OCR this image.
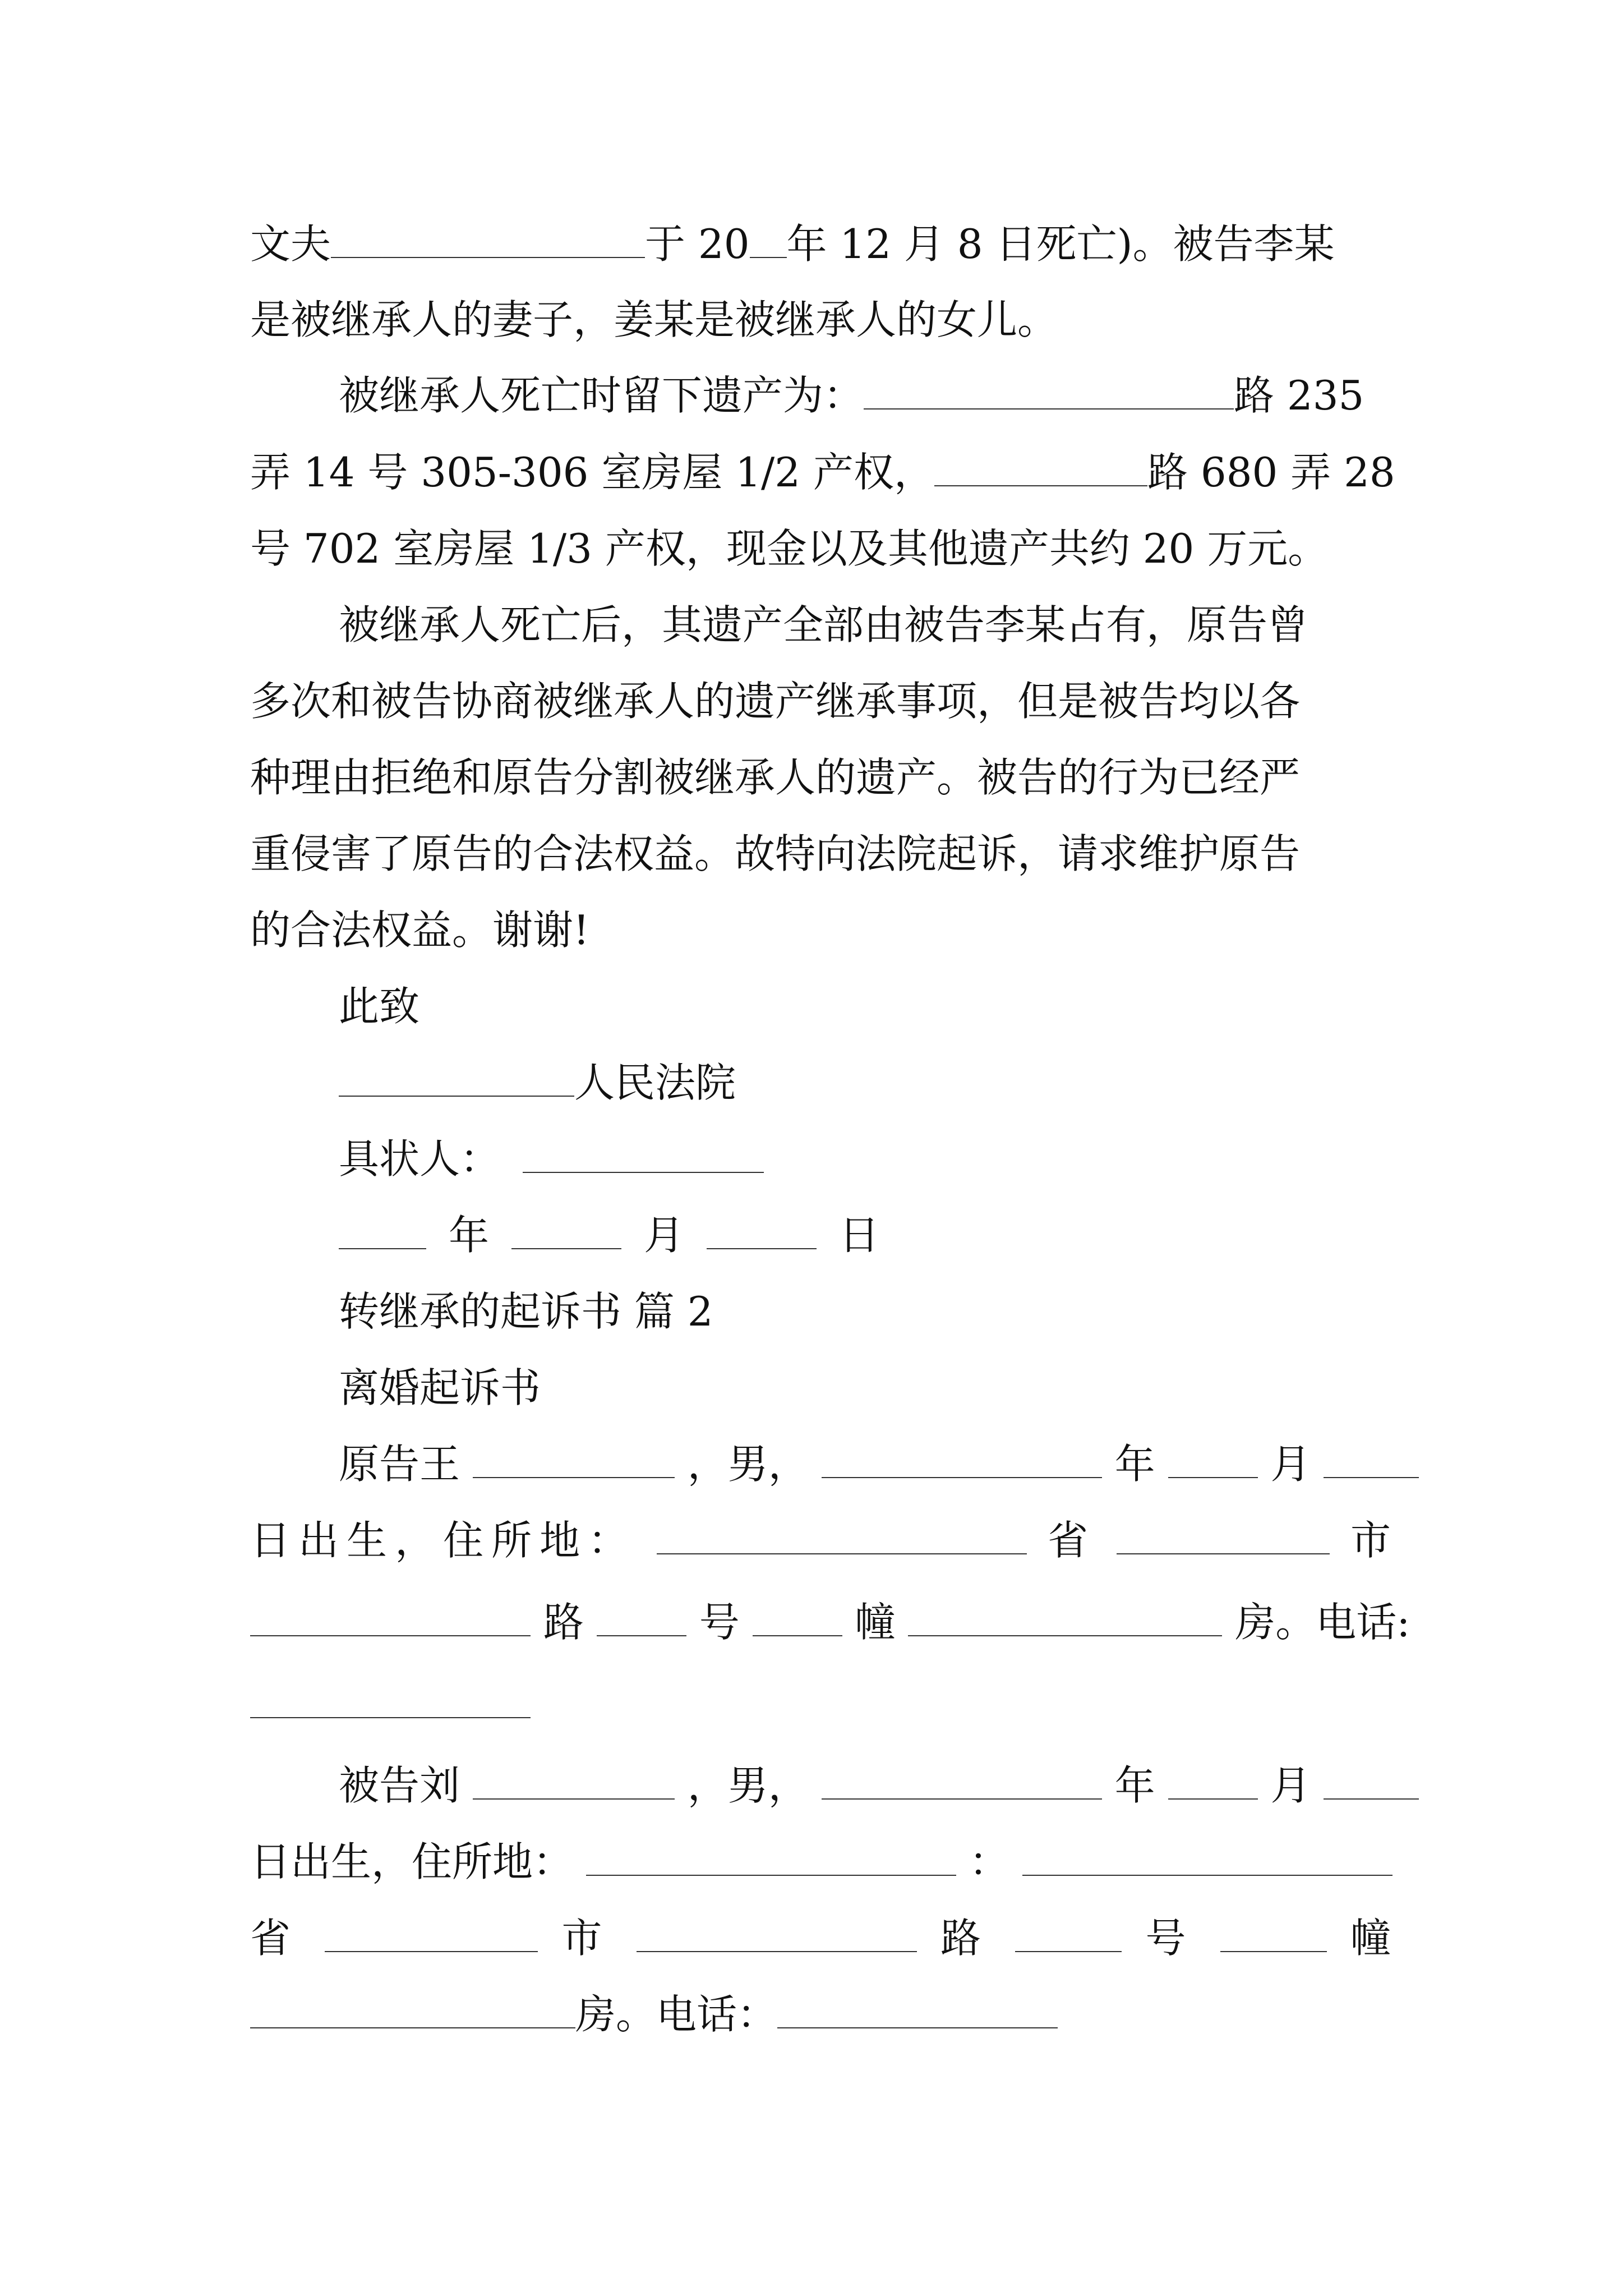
文夫	于 20 年 12 月 8 日死亡)。被告李某
是被继承人的妻子，姜某是被继承人的女儿。
被继承人死亡时留下遗产为：	路 235
弄 14 号 305-306 室房屋 1/2 产权，	路 680 弄 28
号 702 室房屋 1/3 产权，现金以及其他遗产共约 20 万元。
被继承人死亡后，其遗产全部由被告李某占有，原告曾
多次和被告协商被继承人的遗产继承事项，但是被告均以各
种理由拒绝和原告分割被继承人的遗产。被告的行为已经严
重侵害了原告的合法权益。故特向法院起诉，请求维护原告
的合法权益。谢谢!
此致
人民法院
具状人：
年	月	日
转继承的起诉书 篇 2
离婚起诉书
原告王	，男，	年	月
日出生，住所地：	省	市
路	号	幢	房。电话:
被告刘	，男，	年	月
日出生，住所地：	：
省	市	路	号	幢
房。电话：
